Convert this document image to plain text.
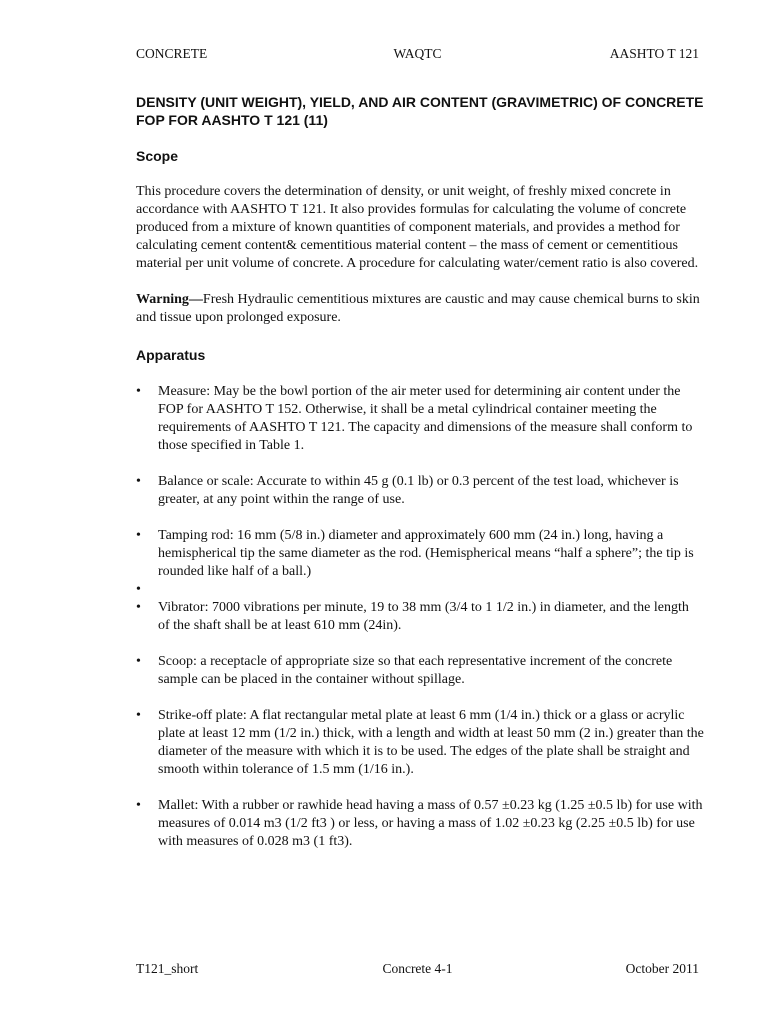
CONCRETE	WAQTC	AASHTO T 121
DENSITY (UNIT WEIGHT), YIELD, AND AIR CONTENT (GRAVIMETRIC) OF CONCRETE
FOP FOR AASHTO T 121 (11)
Scope

This procedure covers the determination of density, or unit weight, of freshly mixed concrete in accordance with AASHTO T 121. It also provides formulas for calculating the volume of concrete produced from a mixture of known quantities of component materials, and provides a method for calculating cement content& cementitious material content – the mass of cement or cementitious material per unit volume of concrete. A procedure for calculating water/cement ratio is also covered.

Warning—Fresh Hydraulic cementitious mixtures are caustic and may cause chemical burns to skin and tissue upon prolonged exposure.

Apparatus
•	Measure: May be the bowl portion of the air meter used for determining air content under the FOP for AASHTO T 152. Otherwise, it shall be a metal cylindrical container meeting the requirements of AASHTO T 121. The capacity and dimensions of the measure shall conform to those specified in Table 1.
•	Balance or scale: Accurate to within 45 g (0.1 lb) or 0.3 percent of the test load, whichever is greater, at any point within the range of use.
•	Tamping rod: 16 mm (5/8 in.) diameter and approximately 600 mm (24 in.) long, having a hemispherical tip the same diameter as the rod. (Hemispherical means “half a sphere”; the tip is rounded like half of a ball.)
•
•	Vibrator: 7000 vibrations per minute, 19 to 38 mm (3/4 to 1 1/2 in.) in diameter, and the length of the shaft shall be at least 610 mm (24in).
•	Scoop: a receptacle of appropriate size so that each representative increment of the concrete sample can be placed in the container without spillage.
•	Strike-off plate: A flat rectangular metal plate at least 6 mm (1/4 in.) thick or a glass or acrylic plate at least 12 mm (1/2 in.) thick, with a length and width at least 50 mm (2 in.) greater than the diameter of the measure with which it is to be used. The edges of the plate shall be straight and smooth within tolerance of 1.5 mm (1/16 in.).
•	Mallet: With a rubber or rawhide head having a mass of 0.57 ±0.23 kg (1.25 ±0.5 lb) for use with measures of 0.014 m3 (1/2 ft3 ) or less, or having a mass of 1.02 ±0.23 kg (2.25 ±0.5 lb) for use with measures of 0.028 m3 (1 ft3).
T121_short	Concrete 4-1	October 2011
